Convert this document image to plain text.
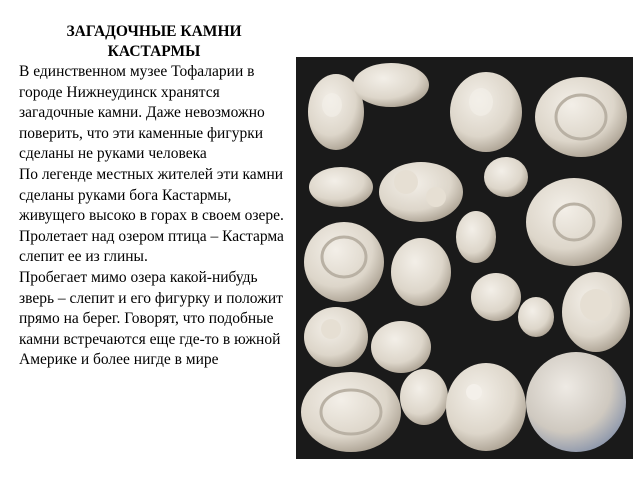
ЗАГАДОЧНЫЕ КАМНИ
КАСТАРМЫ

В единственном музее Тофаларии в городе Нижнеудинск хранятся загадочные камни. Даже невозможно поверить, что эти каменные фигурки сделаны не руками человека

По легенде местных жителей эти камни сделаны руками бога Кастармы, живущего высоко в горах в своем озере. Пролетает над озером птица – Кастарма слепит ее из глины.

Пробегает мимо озера какой-нибудь зверь – слепит и его фигурку и положит прямо на берег. Говорят, что подобные камни встречаются еще где-то в южной Америке и более нигде в мире
